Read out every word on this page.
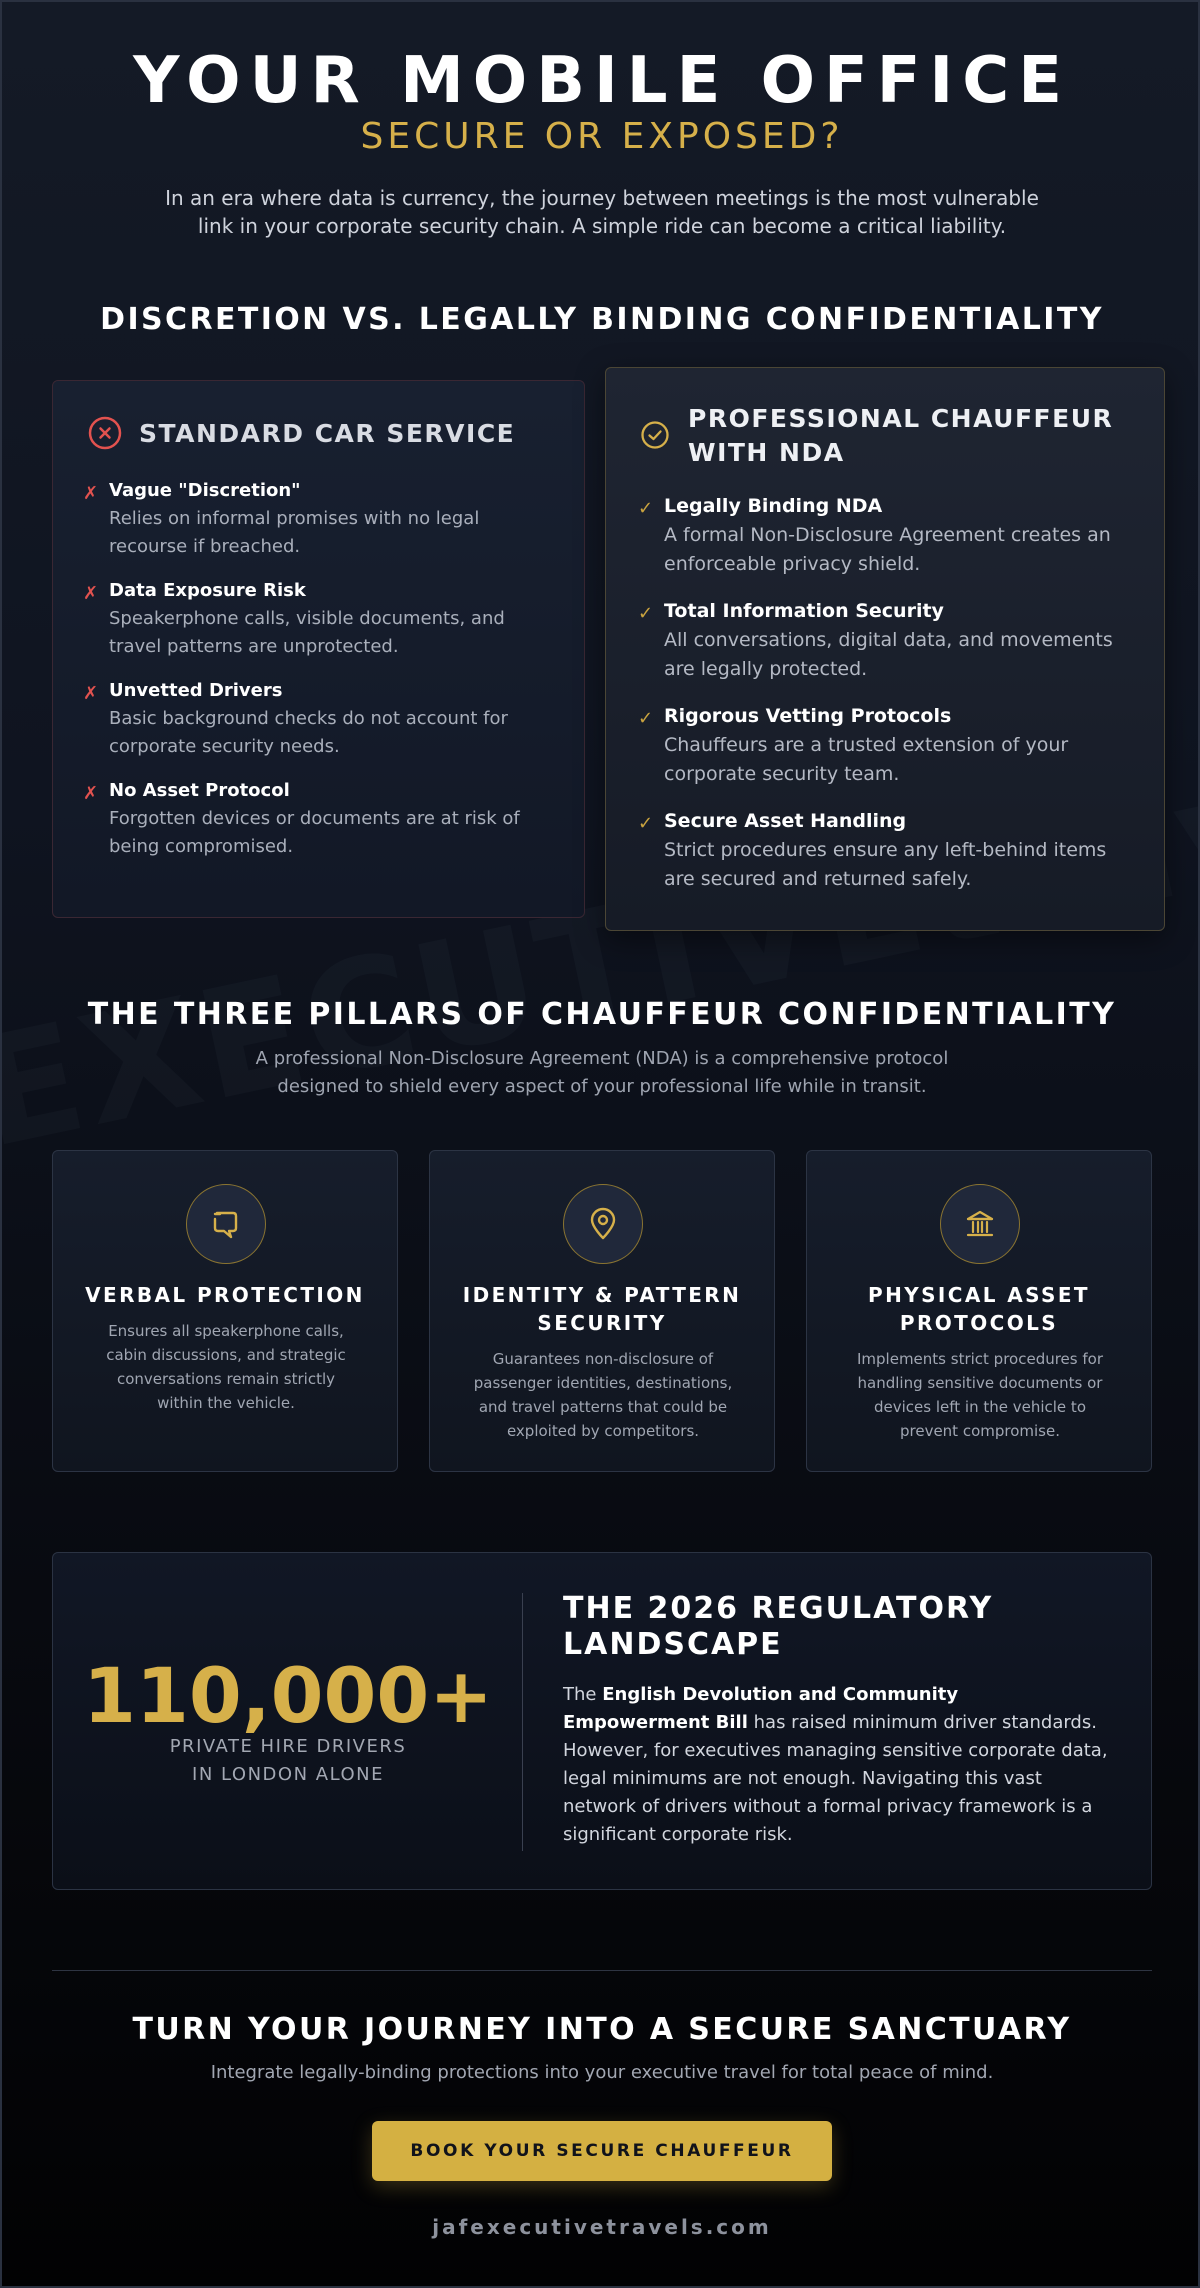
YOUR MOBILE OFFICE
SECURE OR EXPOSED?

In an era where data is currency, the journey between meetings is the most vulnerable
link in your corporate security chain. A simple ride can become a critical liability.

DISCRETION VS. LEGALLY BINDING CONFIDENTIALITY
STANDARD CAR SERVICE
✗ Vague "Discretion"
Relies on informal promises with no legal
recourse if breached.
✗ Data Exposure Risk
Speakerphone calls, visible documents, and
travel patterns are unprotected.
✗ Unvetted Drivers
Basic background checks do not account for
corporate security needs.
✗ No Asset Protocol
Forgotten devices or documents are at risk of
being compromised.
PROFESSIONAL CHAUFFEUR
WITH NDA
✓ Legally Binding NDA
A formal Non-Disclosure Agreement creates an
enforceable privacy shield.
✓ Total Information Security
All conversations, digital data, and movements
are legally protected.
✓ Rigorous Vetting Protocols
Chauffeurs are a trusted extension of your
corporate security team.
✓ Secure Asset Handling
Strict procedures ensure any left-behind items
are secured and returned safely.
THE THREE PILLARS OF CHAUFFEUR CONFIDENTIALITY

A professional Non-Disclosure Agreement (NDA) is a comprehensive protocol
designed to shield every aspect of your professional life while in transit.

VERBAL PROTECTION
Ensures all speakerphone calls,
cabin discussions, and strategic
conversations remain strictly
within the vehicle.
IDENTITY & PATTERN
SECURITY
Guarantees non-disclosure of
passenger identities, destinations,
and travel patterns that could be
exploited by competitors.
PHYSICAL ASSET
PROTOCOLS
Implements strict procedures for
handling sensitive documents or
devices left in the vehicle to
prevent compromise.
110,000+
PRIVATE HIRE DRIVERS
IN LONDON ALONE
THE 2026 REGULATORY
LANDSCAPE
The English Devolution and Community
Empowerment Bill has raised minimum driver standards.
However, for executives managing sensitive corporate data,
legal minimums are not enough. Navigating this vast
network of drivers without a formal privacy framework is a
significant corporate risk.
TURN YOUR JOURNEY INTO A SECURE SANCTUARY

Integrate legally-binding protections into your executive travel for total peace of mind.

BOOK YOUR SECURE CHAUFFEUR
jafexecutivetravels.com
